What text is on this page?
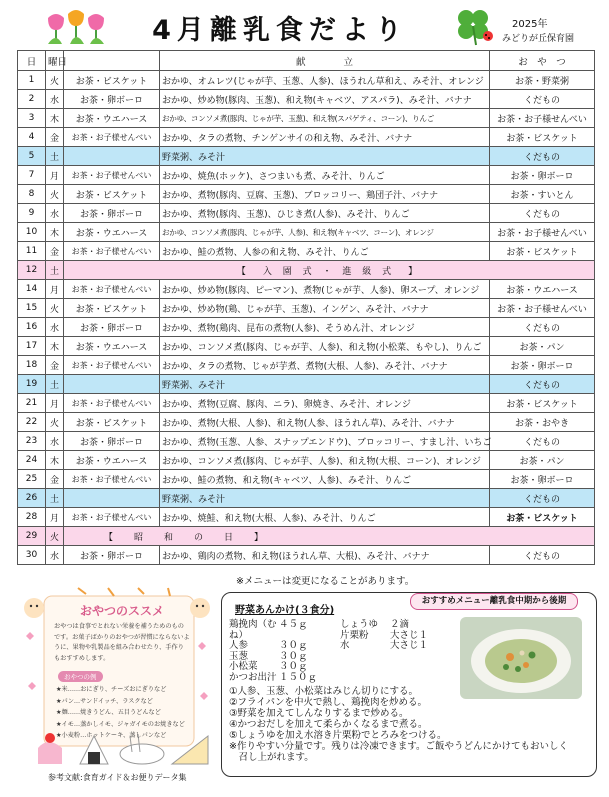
4月離乳食だより	2025年
みどりが丘保育園
日	曜日		献　　　　立	お　や　つ
1	火	お茶・ビスケット	おかゆ、オムレツ(じゃが芋、玉葱、人参)、ほうれん草和え、みそ汁、オレンジ	お茶・野菜粥
2	水	お茶・卵ボーロ	おかゆ、炒め物(豚肉、玉葱)、和え物(キャベツ、アスパラ)、みそ汁、バナナ	くだもの
3	木	お茶・ウエハース	おかゆ、コンソメ煮(豚肉、じゃが芋、玉葱)、和え物(スパゲティ、コーン)、りんご	お茶・お子様せんべい
4	金	お茶・お子様せんべい	おかゆ、タラの煮物、チンゲンサイの和え物、みそ汁、バナナ	お茶・ビスケット
5	土		野菜粥、みそ汁	くだもの
7	月	お茶・お子様せんべい	おかゆ、焼魚(ホッケ)、さつまいも煮、みそ汁、りんご	お茶・卵ボーロ
8	火	お茶・ビスケット	おかゆ、煮物(豚肉、豆腐、玉葱)、ブロッコリー、鶏団子汁、バナナ	お茶・すいとん
9	水	お茶・卵ボーロ	おかゆ、煮物(豚肉、玉葱)、ひじき煮(人参)、みそ汁、りんご	くだもの
10	木	お茶・ウエハース	おかゆ、コンソメ煮(豚肉、じゃが芋、人参)、和え物(キャベツ、コーン)、オレンジ	お茶・お子様せんべい
11	金	お茶・お子様せんべい	おかゆ、鮭の煮物、人参の和え物、みそ汁、りんご	お茶・ビスケット
12	土	【　入 園 式 ・ 進 級 式　】		
14	月	お茶・お子様せんべい	おかゆ、炒め物(豚肉、ピーマン)、煮物(じゃが芋、人参)、卵スープ、オレンジ	お茶・ウエハース
15	火	お茶・ビスケット	おかゆ、炒め物(鶏、じゃが芋、玉葱)、インゲン、みそ汁、バナナ	お茶・お子様せんべい
16	水	お茶・卵ボーロ	おかゆ、煮物(鶏肉、昆布の煮物(人参)、そうめん汁、オレンジ	くだもの
17	木	お茶・ウエハース	おかゆ、コンソメ煮(豚肉、じゃが芋、人参)、和え物(小松菜、もやし)、りんご	お茶・パン
18	金	お茶・お子様せんべい	おかゆ、タラの煮物、じゃが芋煮、煮物(大根、人参)、みそ汁、バナナ	お茶・卵ボーロ
19	土		野菜粥、みそ汁	くだもの
21	月	お茶・お子様せんべい	おかゆ、煮物(豆腐、豚肉、ニラ)、卵焼き、みそ汁、オレンジ	お茶・ビスケット
22	火	お茶・ビスケット	おかゆ、煮物(大根、人参)、和え物(人参、ほうれん草)、みそ汁、バナナ	お茶・おやき
23	水	お茶・卵ボーロ	おかゆ、煮物(玉葱、人参、スナップエンドウ)、ブロッコリー、すまし汁、いちご	くだもの
24	木	お茶・ウエハース	おかゆ、コンソメ煮(豚肉、じゃが芋、人参)、和え物(大根、コーン)、オレンジ	お茶・パン
25	金	お茶・お子様せんべい	おかゆ、鮭の煮物、和え物(キャベツ、人参)、みそ汁、りんご	お茶・卵ボーロ
26	土		野菜粥、みそ汁	くだもの
28	月	お茶・お子様せんべい	おかゆ、焼鮭、和え物(大根、人参)、みそ汁、りんご	お茶・ビスケット
29	火	【　昭　和　の　日　】		
30	水	お茶・卵ボーロ	おかゆ、鶏肉の煮物、和え物(ほうれん草、大根)、みそ汁、バナナ	くだもの
※メニューは変更になることがあります。
おやつのススメ
おやつは食事でとれない栄養を補うためのものです。お菓子ばかりのおやつが習慣にならないように、果物や乳製品を組み合わせたり、手作りもおすすめします。
おやつの例
★米……おにぎり、チーズおにぎりなど
★パン…サンドイッチ、ラスクなど
★麺……焼きうどん、五目うどんなど
★イモ…蒸かしイモ、ジャガイモのお焼きなど
★小麦粉…ホットケーキ、蒸しパンなど
参考文献:食育ガイド＆お便りデータ集
おすすめメニュー離乳食中期から後期
野菜あんかけ(３食分)
鶏挽肉（むね）
４５ｇ
人参	３０ｇ
玉葱	３０ｇ
小松菜	３０ｇ
かつお出汁 １５０ｇ
しょうゆ	２滴
片栗粉	大さじ１
水	大さじ１
①人参、玉葱、小松菜はみじん切りにする。
②フライパンを中火で熱し、鶏挽肉を炒める。
③野菜を加えてしんなりするまで炒める。
④かつおだしを加えて柔らかくなるまで煮る。
⑤しょうゆを加え水溶き片栗粉でとろみをつける。
※作りやすい分量です。残りは冷凍できます。ご飯やうどんにかけてもおいしく
　召し上がれます。
